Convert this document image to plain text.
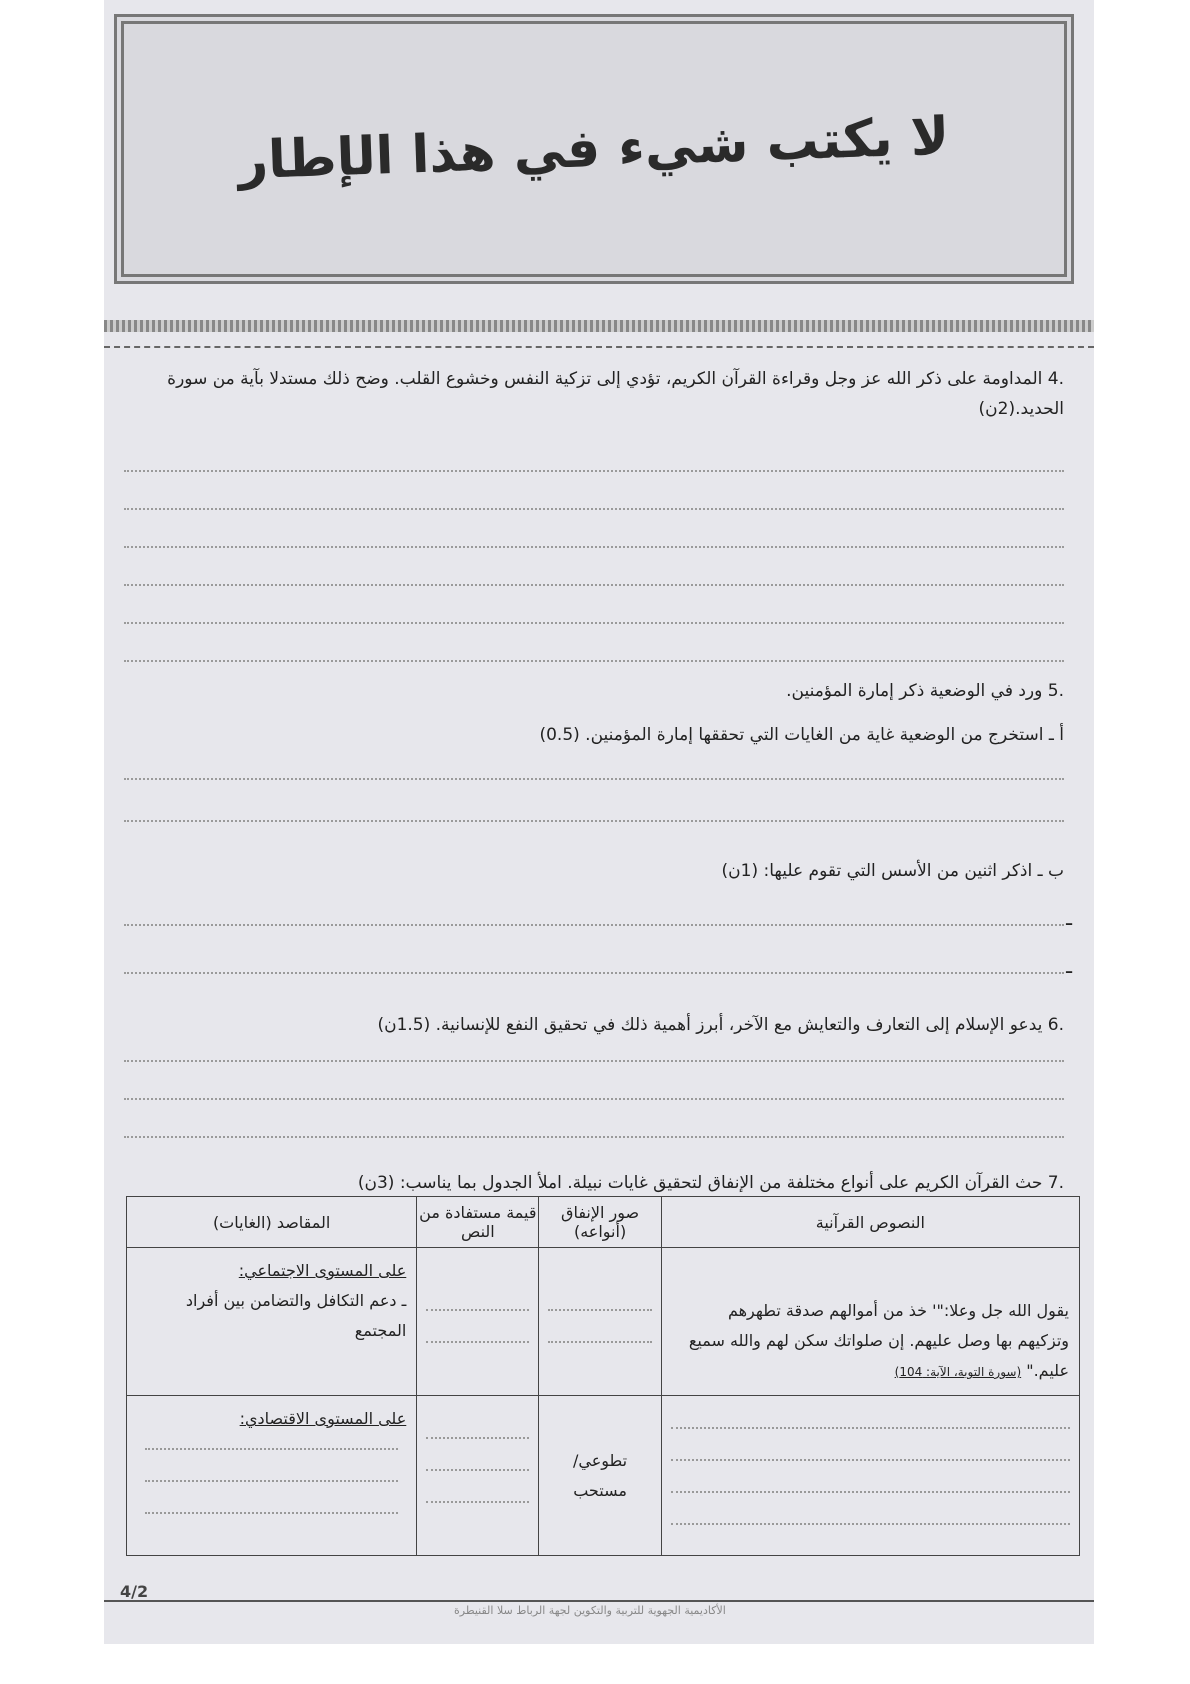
لا يكتب شيء في هذا الإطار
.4 المداومة على ذكر الله عز وجل وقراءة القرآن الكريم، تؤدي إلى تزكية النفس وخشوع القلب. وضح ذلك مستدلا بآية من سورة
الحديد.(2ن)
.5 ورد في الوضعية ذكر إمارة المؤمنين.
أ ـ استخرج من الوضعية غاية من الغايات التي تحققها إمارة المؤمنين. (0.5)
ب ـ اذكر اثنين من الأسس التي تقوم عليها: (1ن)
ـ
ـ
.6 يدعو الإسلام إلى التعارف والتعايش مع الآخر، أبرز أهمية ذلك في تحقيق النفع للإنسانية. (1.5ن)
.7 حث القرآن الكريم على أنواع مختلفة من الإنفاق لتحقيق غايات نبيلة. املأ الجدول بما يناسب: (3ن)
النصوص القرآنية	صور الإنفاق (أنواعه)	قيمة مستفادة من النص	المقاصد (الغايات)

يقول الله جل وعلا:"' خذ من أموالهم صدقة تطهرهم وتزكيهم بها وصل عليهم. إن صلواتك سكن لهم والله سميع عليم." (سورة التوبة، الآية: 104)			على المستوى الاجتماعي:
ـ دعم التكافل والتضامن بين أفراد المجتمع

	تطوعي/ مستحب		على المستوى الاقتصادي:
4/2
الأكاديمية الجهوية للتربية والتكوين لجهة الرباط سلا القنيطرة
